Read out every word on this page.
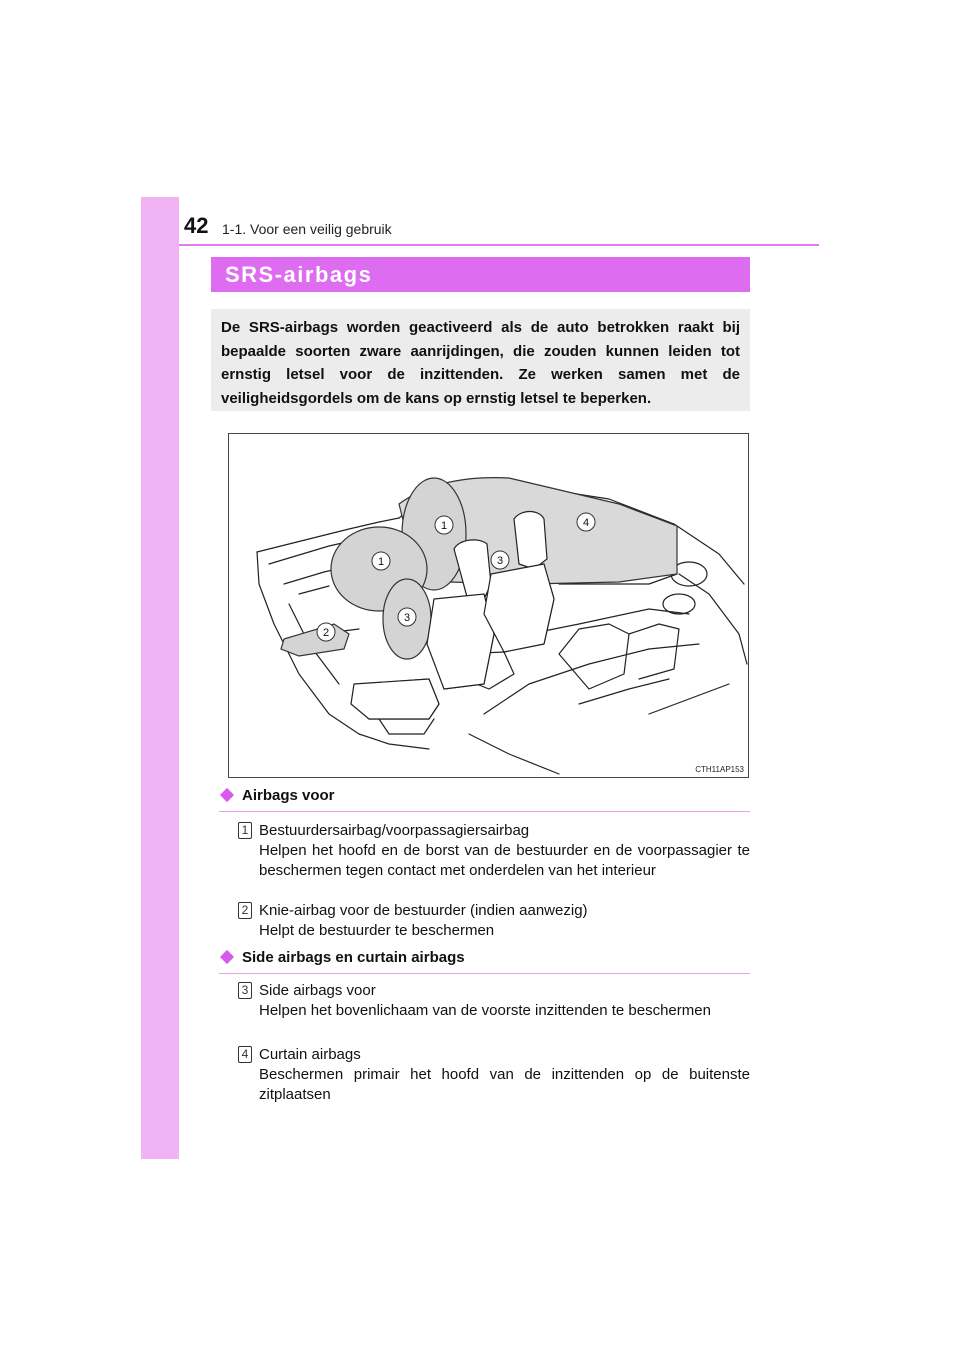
42 1-1. Voor een veilig gebruik
SRS-airbags
De SRS-airbags worden geactiveerd als de auto betrokken raakt bij bepaalde soorten zware aanrijdingen, die zouden kunnen leiden tot ernstig letsel voor de inzittenden. Ze werken samen met de veiligheidsgordels om de kans op ernstig letsel te beperken.
1
1
2
3
3
4
CTH11AP153
Airbags voor
1 Bestuurdersairbag/voorpassagiersairbag
Helpen het hoofd en de borst van de bestuurder en de voorpassagier te beschermen tegen contact met onderdelen van het interieur
2 Knie-airbag voor de bestuurder (indien aanwezig)
Helpt de bestuurder te beschermen
Side airbags en curtain airbags
3 Side airbags voor
Helpen het bovenlichaam van de voorste inzittenden te beschermen
4 Curtain airbags
Beschermen primair het hoofd van de inzittenden op de buitenste zitplaatsen
